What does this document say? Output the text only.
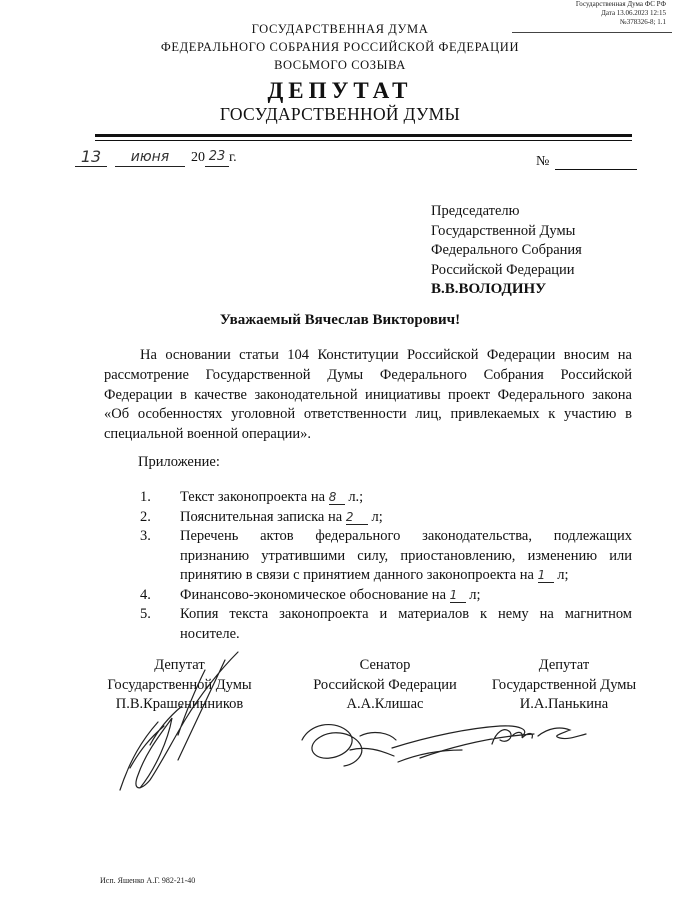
Государственная Дума ФС РФ
Дата 13.06.2023 12:15
№378326-8; 1.1
ГОСУДАРСТВЕННАЯ ДУМА
ФЕДЕРАЛЬНОГО СОБРАНИЯ РОССИЙСКОЙ ФЕДЕРАЦИИ
ВОСЬМОГО СОЗЫВА
ДЕПУТАТ
ГОСУДАРСТВЕННОЙ ДУМЫ
13	июня	20 23 г.	№
Председателю
Государственной Думы
Федерального Собрания
Российской Федерации
В.В.ВОЛОДИНУ
Уважаемый Вячеслав Викторович!
На основании статьи 104 Конституции Российской Федерации вносим на рассмотрение Государственной Думы Федерального Собрания Российской Федерации в качестве законодательной инициативы проект Федерального закона «Об особенностях уголовной ответственности лиц, привлекаемых к участию в специальной военной операции».
Приложение:
1.	Текст законопроекта на 8 л.;
2.	Пояснительная записка на 2 л;
3.	Перечень актов федерального законодательства, подлежащих признанию утратившими силу, приостановлению, изменению или принятию в связи с принятием данного законопроекта на 1 л;
4.	Финансово-экономическое обоснование на 1 л;
5.	Копия текста законопроекта и материалов к нему на магнитном носителе.
Депутат
Государственной Думы
П.В.Крашенинников
Сенатор
Российской Федерации
А.А.Клишас
Депутат
Государственной Думы
И.А.Панькина
Исп. Яшенко А.Г. 982-21-40
